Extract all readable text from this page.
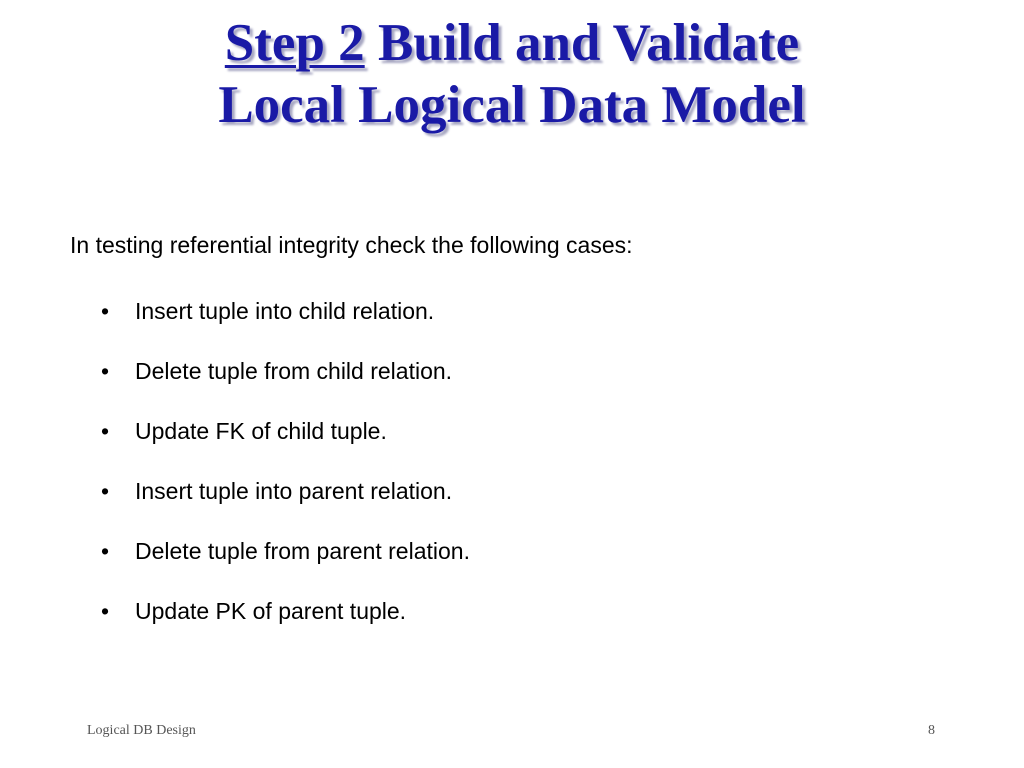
Step 2 Build and Validate
Local Logical Data Model

In testing referential integrity check the following cases:

•	Insert tuple into child relation.
•	Delete tuple from child relation.
•	Update FK of child tuple.
•	Insert tuple into parent relation.
•	Delete tuple from parent relation.
•	Update PK of parent tuple.
Logical DB Design	8
